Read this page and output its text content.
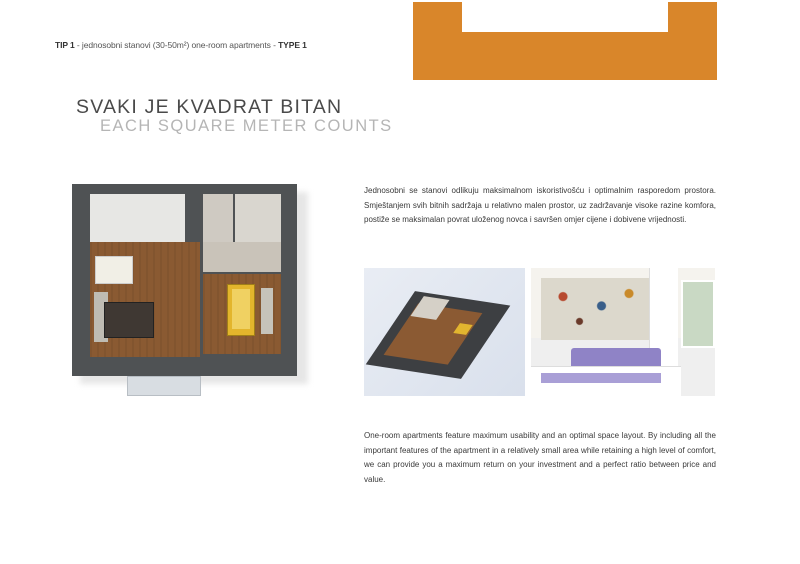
TIP 1 - jednosobni stanovi (30-50m²) one-room apartments - TYPE 1
SVAKI JE KVADRAT BITAN
EACH SQUARE METER COUNTS
Jednosobni se stanovi odlikuju maksimalnom iskoristivošću i optimalnim rasporedom prostora. Smještanjem svih bitnih sadržaja u relativno malen prostor, uz zadržavanje visoke razine komfora, postiže se maksimalan povrat uloženog novca i savršen omjer cijene i dobivene vrijednosti.
One-room apartments feature maximum usability and an optimal space layout. By including all the important features of the apartment in a relatively small area while retaining a high level of comfort, we can provide you a maximum return on your investment and a perfect ratio between price and value.
